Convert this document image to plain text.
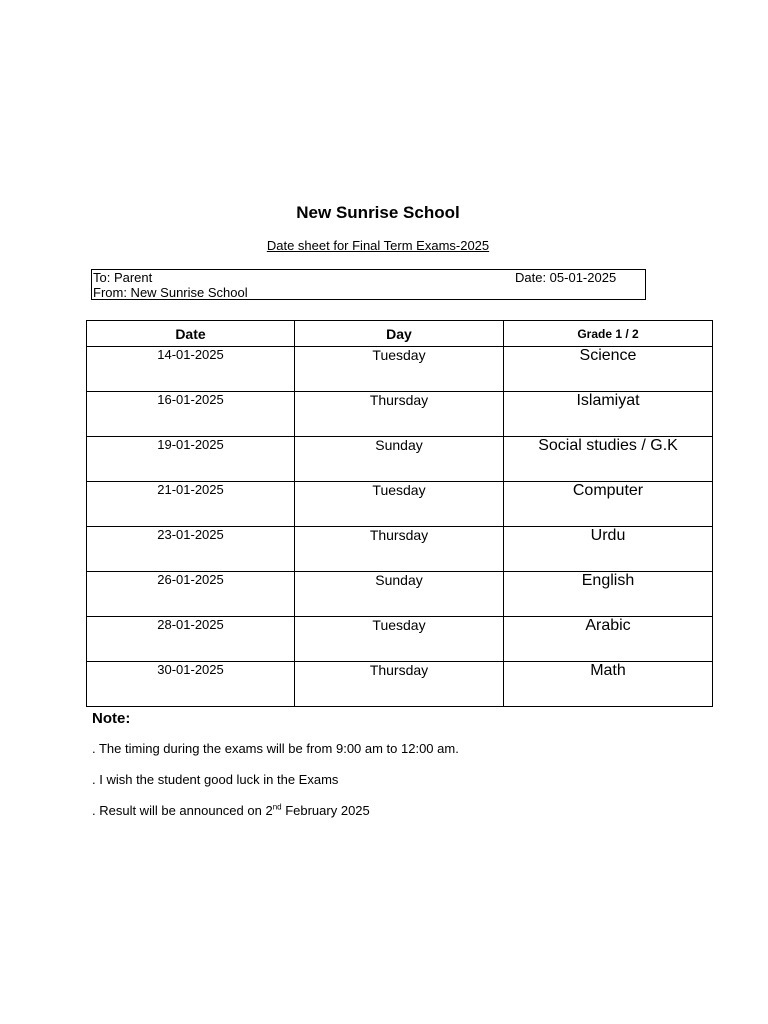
New Sunrise School
Date sheet for Final Term Exams-2025
To: Parent
From: New Sunrise School
Date: 05-01-2025
Date	Day	Grade 1 / 2
14-01-2025	Tuesday	Science
16-01-2025	Thursday	Islamiyat
19-01-2025	Sunday	Social studies / G.K
21-01-2025	Tuesday	Computer
23-01-2025	Thursday	Urdu
26-01-2025	Sunday	English
28-01-2025	Tuesday	Arabic
30-01-2025	Thursday	Math
Note:
. The timing during the exams will be from 9:00 am to 12:00 am.
. I wish the student good luck in the Exams
. Result will be announced on 2nd February 2025
